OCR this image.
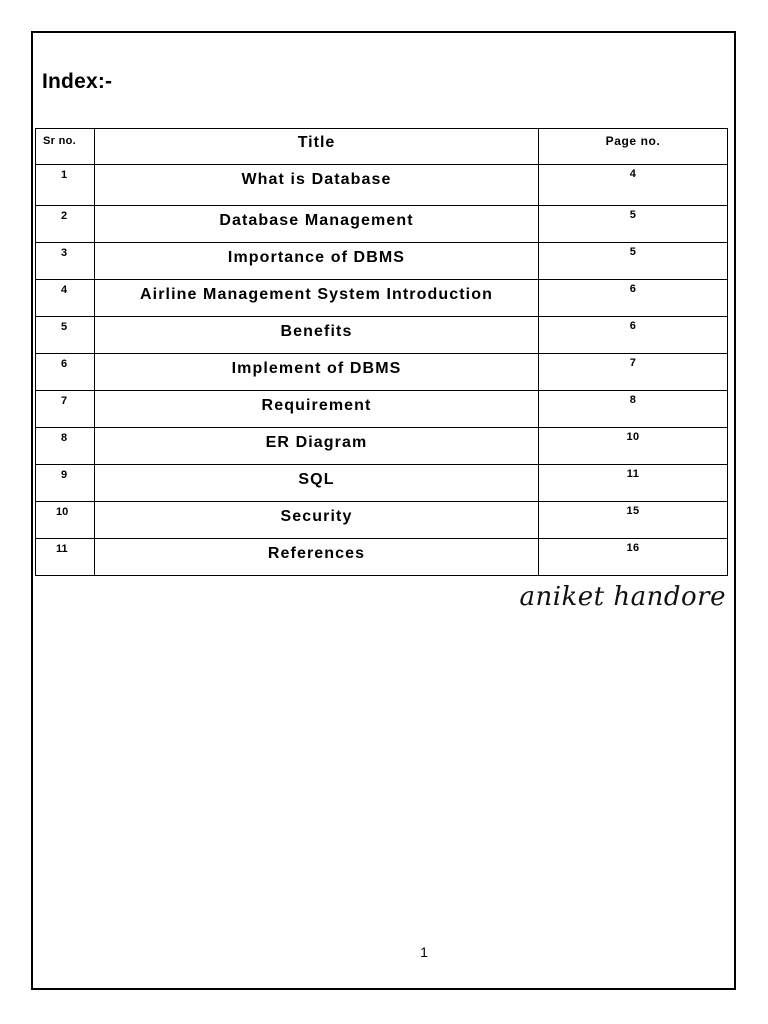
Index:-
Sr no.	Title	Page no.
1	What is Database	4
2	Database Management	5
3	Importance of DBMS	5
4	Airline Management System Introduction	6
5	Benefits	6
6	Implement of DBMS	7
7	Requirement	8
8	ER Diagram	10
9	SQL	11
10	Security	15
11	References	16
aniket handore
1
